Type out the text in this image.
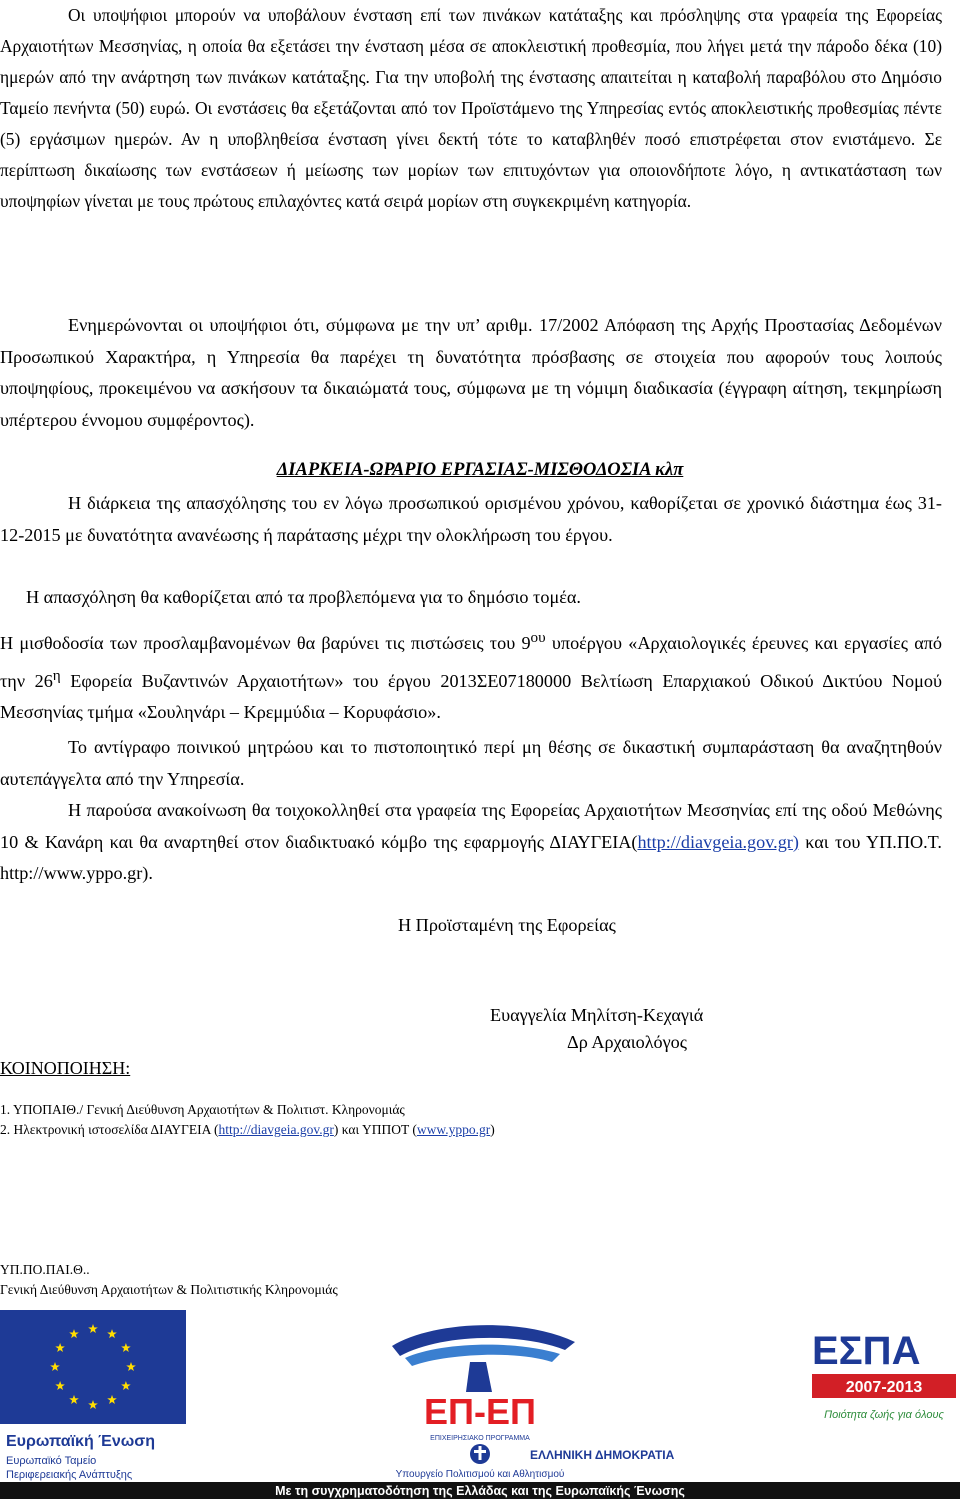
Οι υποψήφιοι μπορούν να υποβάλουν ένσταση επί των πινάκων κατάταξης και πρόσληψης στα γραφεία της Εφορείας Αρχαιοτήτων Μεσσηνίας, η οποία θα εξετάσει την ένσταση μέσα σε αποκλειστική προθεσμία, που λήγει μετά την πάροδο δέκα (10) ημερών από την ανάρτηση των πινάκων κατάταξης. Για την υποβολή της ένστασης απαιτείται η καταβολή παραβόλου στο Δημόσιο Ταμείο πενήντα (50) ευρώ. Οι ενστάσεις θα εξετάζονται από τον Προϊστάμενο της Υπηρεσίας εντός αποκλειστικής προθεσμίας πέντε (5) εργάσιμων ημερών. Αν η υποβληθείσα ένσταση γίνει δεκτή τότε το καταβληθέν ποσό επιστρέφεται στον ενιστάμενο. Σε περίπτωση δικαίωσης των ενστάσεων ή μείωσης των μορίων των επιτυχόντων για οποιονδήποτε λόγο, η αντικατάσταση των υποψηφίων γίνεται με τους πρώτους επιλαχόντες κατά σειρά μορίων στη συγκεκριμένη κατηγορία.
Ενημερώνονται οι υποψήφιοι ότι, σύμφωνα με την υπ’ αριθμ. 17/2002 Απόφαση της Αρχής Προστασίας Δεδομένων Προσωπικού Χαρακτήρα, η Υπηρεσία θα παρέχει τη δυνατότητα πρόσβασης σε στοιχεία που αφορούν τους λοιπούς υποψηφίους, προκειμένου να ασκήσουν τα δικαιώματά τους, σύμφωνα με τη νόμιμη διαδικασία (έγγραφη αίτηση, τεκμηρίωση υπέρτερου έννομου συμφέροντος).
ΔΙΑΡΚΕΙΑ-ΩΡΑΡΙΟ ΕΡΓΑΣΙΑΣ-ΜΙΣΘΟΔΟΣΙΑ κλπ
Η διάρκεια της απασχόλησης του εν λόγω προσωπικού ορισμένου χρόνου, καθορίζεται σε χρονικό διάστημα έως 31-12-2015 με δυνατότητα ανανέωσης ή παράτασης μέχρι την ολοκλήρωση του έργου.
Η απασχόληση θα καθορίζεται από τα προβλεπόμενα για το δημόσιο τομέα.
Η μισθοδοσία των προσλαμβανομένων θα βαρύνει τις πιστώσεις του $9^{o\upsilon}$ υποέργου «Αρχαιολογικές έρευνες και εργασίες από την $26^\eta$ Εφορεία Βυζαντινών Αρχαιοτήτων» του έργου 2013ΣΕ07180000 Βελτίωση Επαρχιακού Οδικού Δικτύου Νομού Μεσσηνίας τμήμα «Σουληνάρι – Κρεμμύδια – Κορυφάσιο».
Το αντίγραφο ποινικού μητρώου και το πιστοποιητικό περί μη θέσης σε δικαστική συμπαράσταση θα αναζητηθούν αυτεπάγγελτα από την Υπηρεσία.
Η παρούσα ανακοίνωση θα τοιχοκολληθεί στα γραφεία της Εφορείας Αρχαιοτήτων Μεσσηνίας επί της οδού Μεθώνης 10 & Κανάρη και θα αναρτηθεί στον διαδικτυακό κόμβο της εφαρμογής ΔΙΑΥΓΕΙΑ(http://diavgeia.gov.gr) και του ΥΠ.ΠΟ.Τ. http://www.yppo.gr).
Η Προϊσταμένη της Εφορείας
Ευαγγελία Μηλίτση-Κεχαγιά
Δρ Αρχαιολόγος
ΚΟΙΝΟΠΟΙΗΣΗ:
1. ΥΠΟΠΑΙΘ./ Γενική Διεύθυνση Αρχαιοτήτων & Πολιτιστ. Κληρονομιάς
2. Ηλεκτρονική ιστοσελίδα ΔΙΑΥΓΕΙΑ (http://diavgeia.gov.gr) και ΥΠΠΟΤ (www.yppo.gr)
ΥΠ.ΠΟ.ΠΑΙ.Θ..
Γενική Διεύθυνση Αρχαιοτήτων & Πολιτιστικής Κληρονομιάς
Ευρωπαϊκή Ένωση
Ευρωπαϊκό Ταμείο
Περιφερειακής Ανάπτυξης
ΕΠ-ΕΠ
ΕΠΙΧΕΙΡΗΣΙΑΚΟ ΠΡΟΓΡΑΜΜΑ
ΕΣΠΑ
2007-2013
Ποιότητα ζωής για όλους
ΕΛΛΗΝΙΚΗ ΔΗΜΟΚΡΑΤΙΑ
Υπουργείο Πολιτισμού και Αθλητισμού
Με τη συγχρηματοδότηση της Ελλάδας και της Ευρωπαϊκής Ένωσης
